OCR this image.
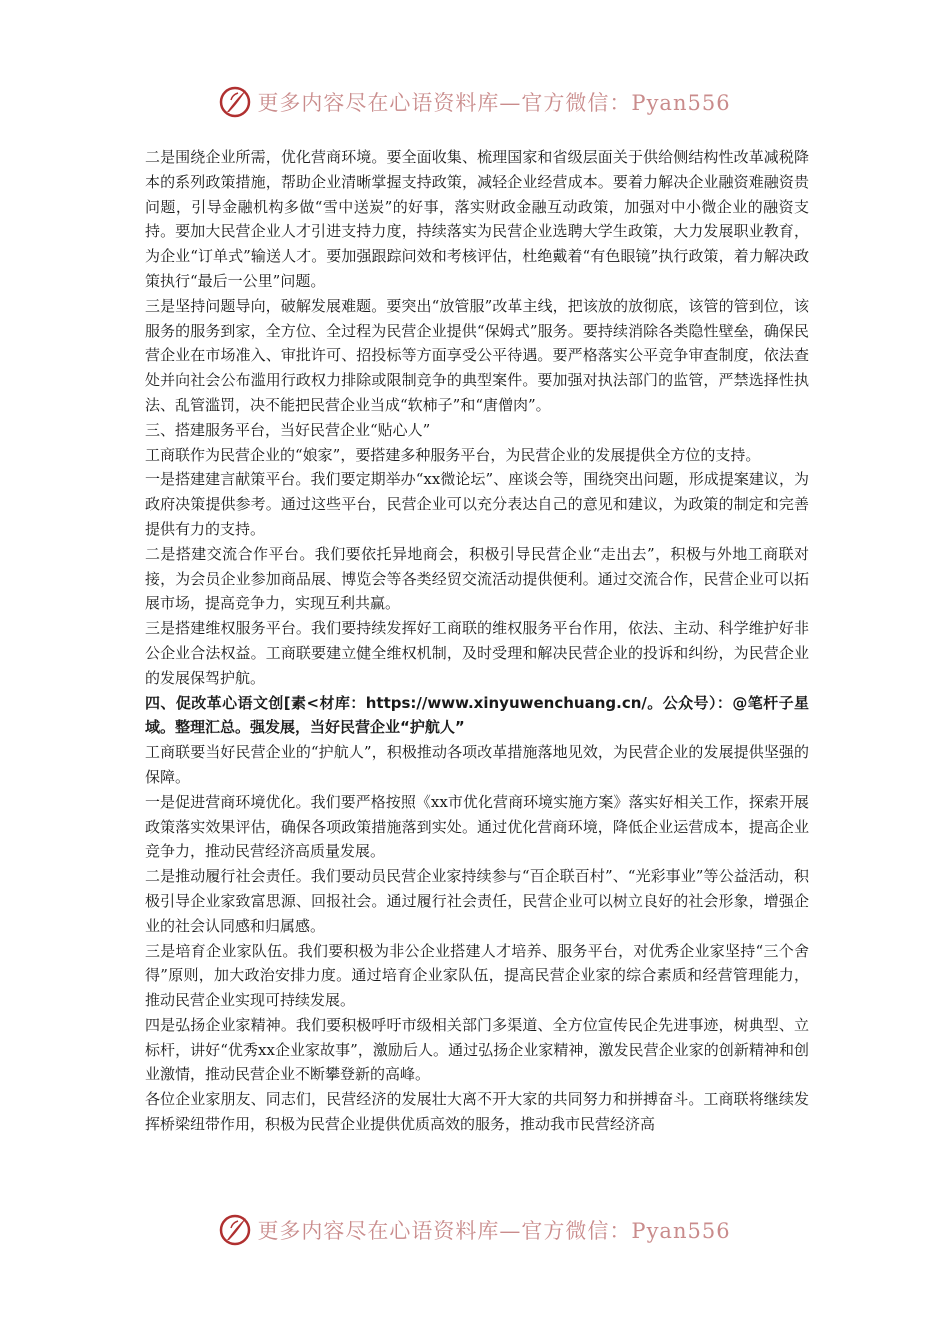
更多内容尽在心语资料库—官方微信：Pyan556

二是围绕企业所需，优化营商环境。要全面收集、梳理国家和省级层面关于供给侧结构性改革减税降本的系列政策措施，帮助企业清晰掌握支持政策，减轻企业经营成本。要着力解决企业融资难融资贵问题，引导金融机构多做“雪中送炭”的好事，落实财政金融互动政策，加强对中小微企业的融资支持。要加大民营企业人才引进支持力度，持续落实为民营企业选聘大学生政策，大力发展职业教育，为企业“订单式”输送人才。要加强跟踪问效和考核评估，杜绝戴着“有色眼镜”执行政策，着力解决政策执行“最后一公里”问题。

三是坚持问题导向，破解发展难题。要突出“放管服”改革主线，把该放的放彻底，该管的管到位，该服务的服务到家，全方位、全过程为民营企业提供“保姆式”服务。要持续消除各类隐性壁垒，确保民营企业在市场准入、审批许可、招投标等方面享受公平待遇。要严格落实公平竞争审查制度，依法查处并向社会公布滥用行政权力排除或限制竞争的典型案件。要加强对执法部门的监管，严禁选择性执法、乱管滥罚，决不能把民营企业当成“软柿子”和“唐僧肉”。

三、搭建服务平台，当好民营企业“贴心人”

工商联作为民营企业的“娘家”，要搭建多种服务平台，为民营企业的发展提供全方位的支持。

一是搭建建言献策平台。我们要定期举办“xx微论坛”、座谈会等，围绕突出问题，形成提案建议，为政府决策提供参考。通过这些平台，民营企业可以充分表达自己的意见和建议，为政策的制定和完善提供有力的支持。

二是搭建交流合作平台。我们要依托异地商会，积极引导民营企业“走出去”，积极与外地工商联对接，为会员企业参加商品展、博览会等各类经贸交流活动提供便利。通过交流合作，民营企业可以拓展市场，提高竞争力，实现互利共赢。

三是搭建维权服务平台。我们要持续发挥好工商联的维权服务平台作用，依法、主动、科学维护好非公企业合法权益。工商联要建立健全维权机制，及时受理和解决民营企业的投诉和纠纷，为民营企业的发展保驾护航。

四、促改革心语文创[素<材库：https://www.xinyuwenchuang.cn/。公众号）：@笔杆子星域。整理汇总。强发展，当好民营企业“护航人”

工商联要当好民营企业的“护航人”，积极推动各项改革措施落地见效，为民营企业的发展提供坚强的保障。

一是促进营商环境优化。我们要严格按照《xx市优化营商环境实施方案》落实好相关工作，探索开展政策落实效果评估，确保各项政策措施落到实处。通过优化营商环境，降低企业运营成本，提高企业竞争力，推动民营经济高质量发展。

二是推动履行社会责任。我们要动员民营企业家持续参与“百企联百村”、“光彩事业”等公益活动，积极引导企业家致富思源、回报社会。通过履行社会责任，民营企业可以树立良好的社会形象，增强企业的社会认同感和归属感。

三是培育企业家队伍。我们要积极为非公企业搭建人才培养、服务平台，对优秀企业家坚持“三个舍得”原则，加大政治安排力度。通过培育企业家队伍，提高民营企业家的综合素质和经营管理能力，推动民营企业实现可持续发展。

四是弘扬企业家精神。我们要积极呼吁市级相关部门多渠道、全方位宣传民企先进事迹，树典型、立标杆，讲好“优秀xx企业家故事”，激励后人。通过弘扬企业家精神，激发民营企业家的创新精神和创业激情，推动民营企业不断攀登新的高峰。

各位企业家朋友、同志们，民营经济的发展壮大离不开大家的共同努力和拼搏奋斗。工商联将继续发挥桥梁纽带作用，积极为民营企业提供优质高效的服务，推动我市民营经济高

更多内容尽在心语资料库—官方微信：Pyan556
